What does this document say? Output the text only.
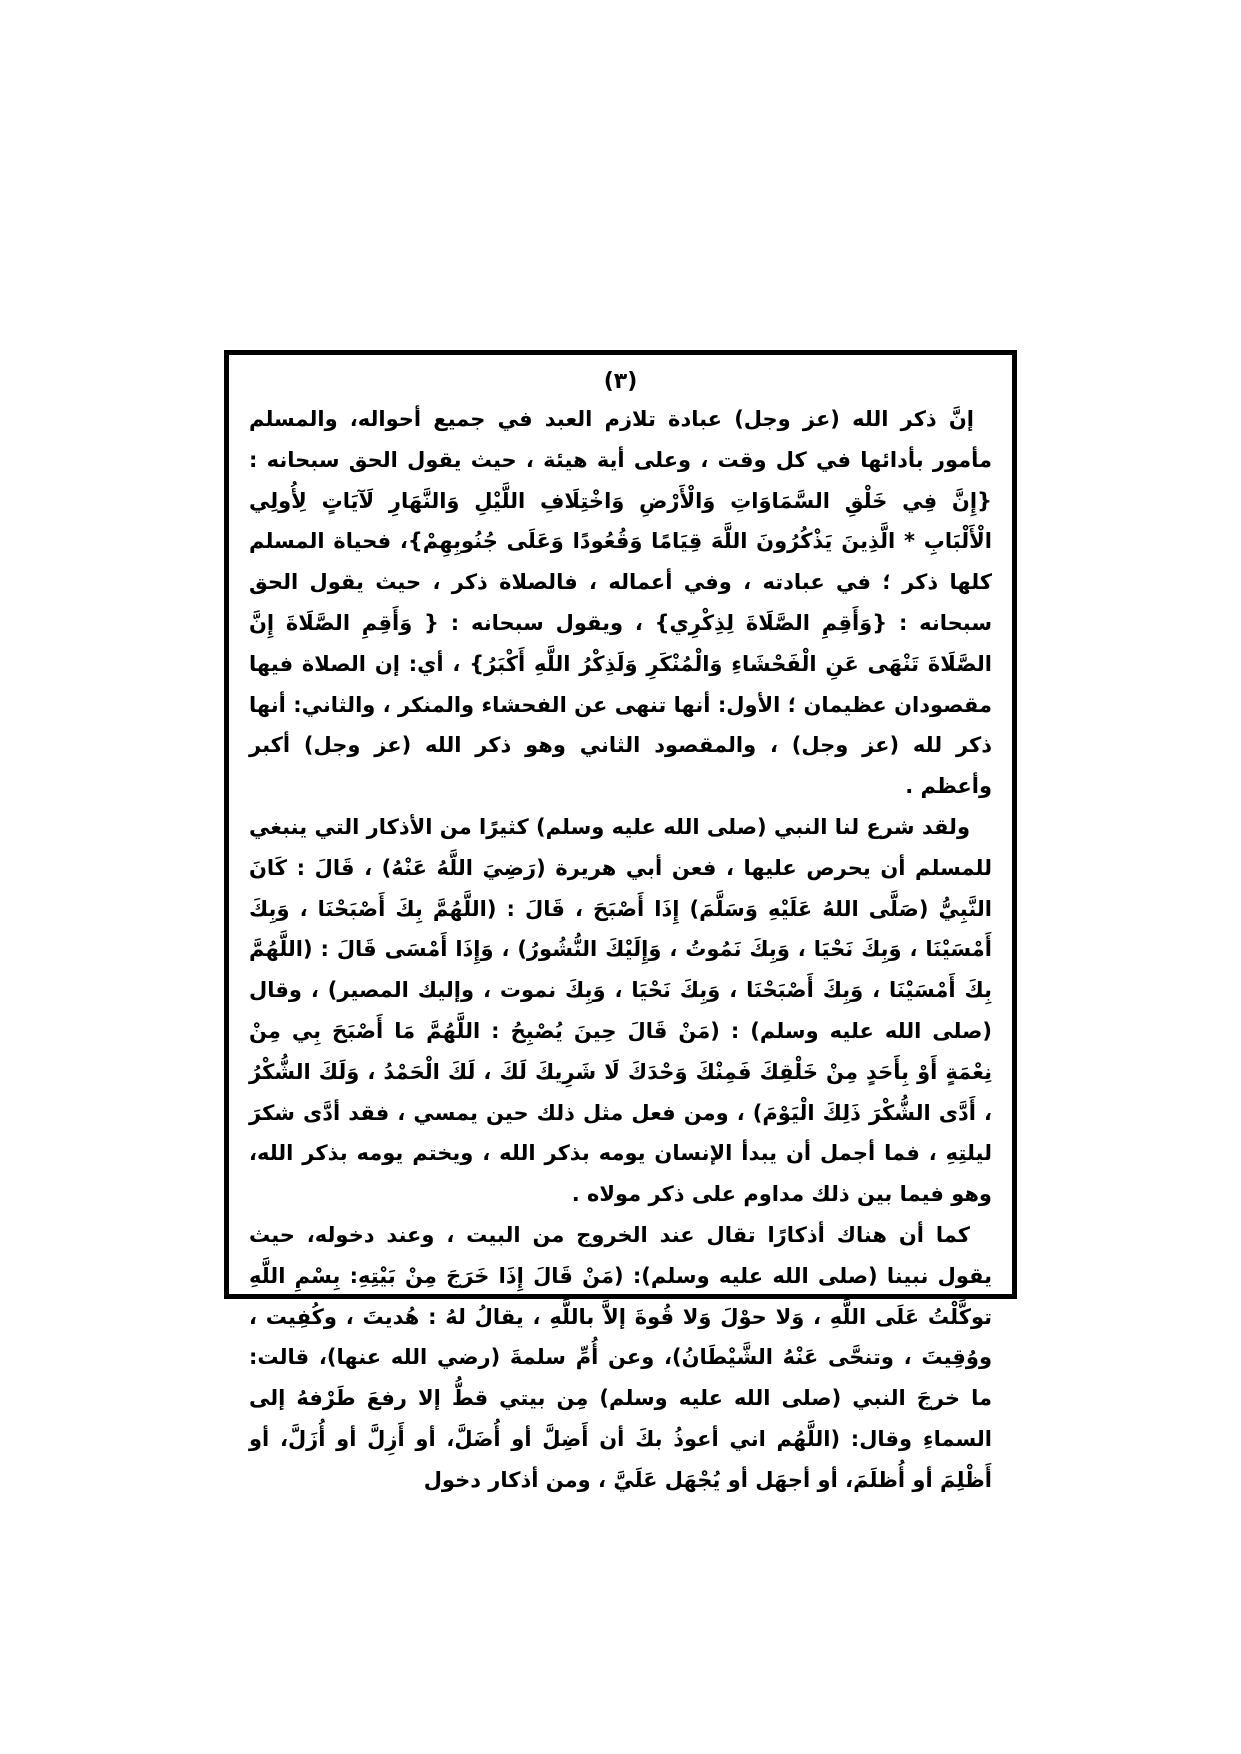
(٣)

إنَّ ذكر الله (عز وجل) عبادة تلازم العبد في جميع أحواله، والمسلم مأمور بأدائها في كل وقت ، وعلى أية هيئة ، حيث يقول الحق سبحانه : {إِنَّ فِي خَلْقِ السَّمَاوَاتِ وَالْأَرْضِ وَاخْتِلَافِ اللَّيْلِ وَالنَّهَارِ لَآيَاتٍ لِأُولِي الْأَلْبَابِ * الَّذِينَ يَذْكُرُونَ اللَّهَ قِيَامًا وَقُعُودًا وَعَلَى جُنُوبِهِمْ}، فحياة المسلم كلها ذكر ؛ في عبادته ، وفي أعماله ، فالصلاة ذكر ، حيث يقول الحق سبحانه : {وَأَقِمِ الصَّلَاةَ لِذِكْرِي} ، ويقول سبحانه : { وَأَقِمِ الصَّلَاةَ إِنَّ الصَّلَاةَ تَنْهَى عَنِ الْفَحْشَاءِ وَالْمُنْكَرِ وَلَذِكْرُ اللَّهِ أَكْبَرُ} ، أي: إن الصلاة فيها مقصودان عظيمان ؛ الأول: أنها تنهى عن الفحشاء والمنكر ، والثاني: أنها ذكر لله (عز وجل) ، والمقصود الثاني وهو ذكر الله (عز وجل) أكبر وأعظم .

ولقد شرع لنا النبي (صلى الله عليه وسلم) كثيرًا من الأذكار التي ينبغي للمسلم أن يحرص عليها ، فعن أبي هريرة (رَضِيَ اللَّهُ عَنْهُ) ، قَالَ : كَانَ النَّبِيُّ (صَلَّى اللهُ عَلَيْهِ وَسَلَّمَ) إِذَا أَصْبَحَ ، قَالَ : (اللَّهُمَّ بِكَ أَصْبَحْنَا ، وَبِكَ أَمْسَيْنَا ، وَبِكَ نَحْيَا ، وَبِكَ نَمُوتُ ، وَإِلَيْكَ النُّشُورُ) ، وَإِذَا أَمْسَى قَالَ : (اللَّهُمَّ بِكَ أَمْسَيْنَا ، وَبِكَ أَصْبَحْنَا ، وَبِكَ نَحْيَا ، وَبِكَ نموت ، وإليك المصير) ، وقال (صلى الله عليه وسلم) : (مَنْ قَالَ حِينَ يُصْبِحُ : اللَّهُمَّ مَا أَصْبَحَ بِي مِنْ نِعْمَةٍ أَوْ بِأَحَدٍ مِنْ خَلْقِكَ فَمِنْكَ وَحْدَكَ لَا شَرِيكَ لَكَ ، لَكَ الْحَمْدُ ، وَلَكَ الشُّكْرُ ، أَدَّى الشُّكْرَ ذَلِكَ الْيَوْمَ) ، ومن فعل مثل ذلك حين يمسي ، فقد أدَّى شكرَ ليلتِهِ ، فما أجمل أن يبدأ الإنسان يومه بذكر الله ، ويختم يومه بذكر الله، وهو فيما بين ذلك مداوم على ذكر مولاه .

كما أن هناك أذكارًا تقال عند الخروج من البيت ، وعند دخوله، حيث يقول نبينا (صلى الله عليه وسلم): (مَنْ قَالَ إِذَا خَرَجَ مِنْ بَيْتِهِ: بِسْمِ اللَّهِ توكَّلْتُ عَلَى اللَّهِ ، وَلا حوْلَ وَلا قُوةَ إلاَّ باللَّهِ ، يقالُ لهُ : هُديتَ ، وكُفِيت ، ووُقِيتَ ، وتنحَّى عَنْهُ الشَّيْطَانُ)، وعن أُمِّ سلمةَ (رضي الله عنها)، قالت: ما خرجَ النبي (صلى الله عليه وسلم) مِن بيتي قطُّ إلا رفعَ طَرْفهُ إلى السماءِ وقال: (اللَّهُم اني أعوذُ بكَ أن أَضِلَّ أو أُضَلَّ، أو أَزِلَّ أو أُزَلَّ، أو أَظْلِمَ أو أُظلَمَ، أو أجهَل أو يُجْهَل عَلَيَّ ، ومن أذكار دخول
